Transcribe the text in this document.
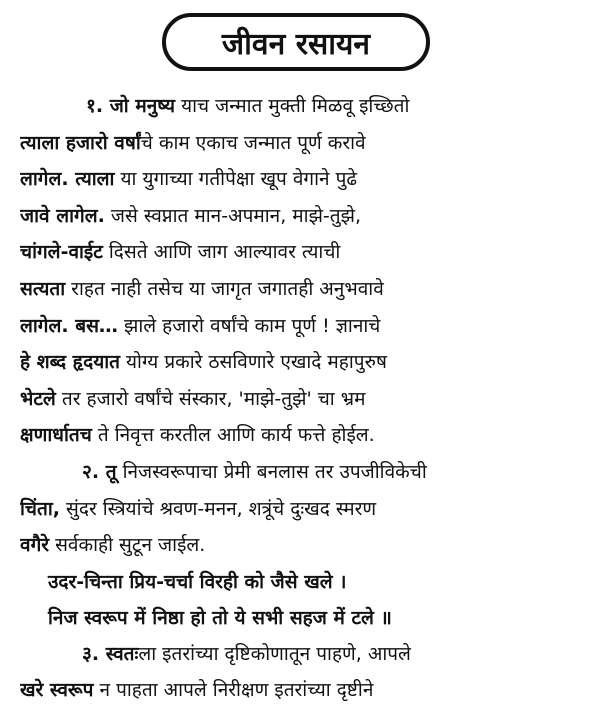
जीवन रसायन
१. जो मनुष्य याच जन्मात मुक्ती मिळवू इच्छितो
त्याला हजारो वर्षांचे काम एकाच जन्मात पूर्ण करावे
लागेल. त्याला या युगाच्या गतीपेक्षा खूप वेगाने पुढे
जावे लागेल. जसे स्वप्नात मान-अपमान, माझे-तुझे,
चांगले-वाईट दिसते आणि जाग आल्यावर त्याची
सत्यता राहत नाही तसेच या जागृत जगातही अनुभवावे
लागेल. बस… झाले हजारो वर्षांचे काम पूर्ण ! ज्ञानाचे
हे शब्द हृदयात योग्य प्रकारे ठसविणारे एखादे महापुरुष
भेटले तर हजारो वर्षांचे संस्कार, 'माझे-तुझे' चा भ्रम
क्षणार्धातच ते निवृत्त करतील आणि कार्य फत्ते होईल.
२. तू निजस्वरूपाचा प्रेमी बनलास तर उपजीविकेची
चिंता, सुंदर स्त्रियांचे श्रवण-मनन, शत्रूंचे दुःखद स्मरण
वगैरे सर्वकाही सुटून जाईल.
उदर-चिन्ता प्रिय-चर्चा विरही को जैसे खले ।
निज स्वरूप में निष्ठा हो तो ये सभी सहज में टले ॥
३. स्वतःला इतरांच्या दृष्टिकोणातून पाहणे, आपले
खरे स्वरूप न पाहता आपले निरीक्षण इतरांच्या दृष्टीने
